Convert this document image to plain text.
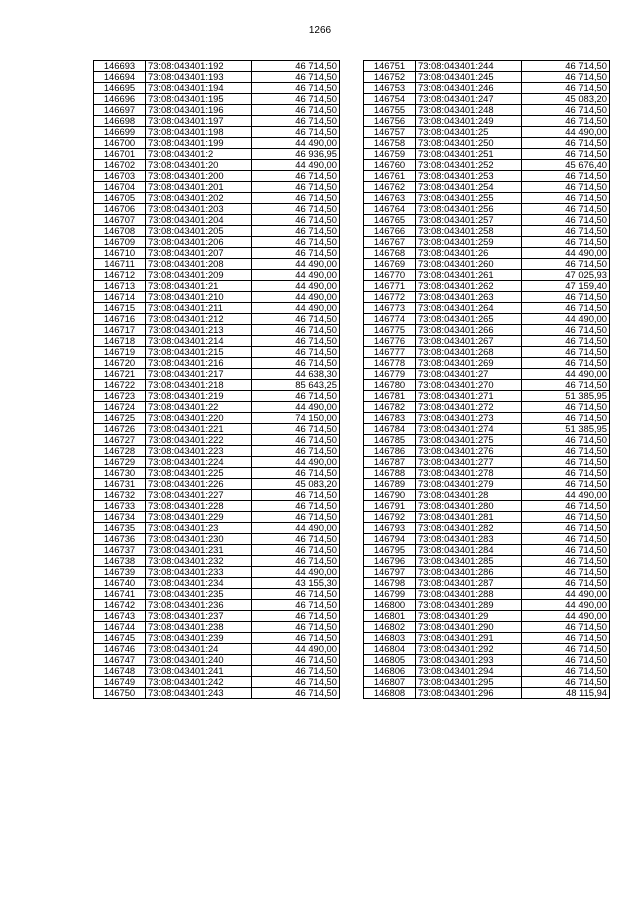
1266
146693	73:08:043401:192	46 714,50
146694	73:08:043401:193	46 714,50
146695	73:08:043401:194	46 714,50
146696	73:08:043401:195	46 714,50
146697	73:08:043401:196	46 714,50
146698	73:08:043401:197	46 714,50
146699	73:08:043401:198	46 714,50
146700	73:08:043401:199	44 490,00
146701	73:08:043401:2	46 936,95
146702	73:08:043401:20	44 490,00
146703	73:08:043401:200	46 714,50
146704	73:08:043401:201	46 714,50
146705	73:08:043401:202	46 714,50
146706	73:08:043401:203	46 714,50
146707	73:08:043401:204	46 714,50
146708	73:08:043401:205	46 714,50
146709	73:08:043401:206	46 714,50
146710	73:08:043401:207	46 714,50
146711	73:08:043401:208	44 490,00
146712	73:08:043401:209	44 490,00
146713	73:08:043401:21	44 490,00
146714	73:08:043401:210	44 490,00
146715	73:08:043401:211	44 490,00
146716	73:08:043401:212	46 714,50
146717	73:08:043401:213	46 714,50
146718	73:08:043401:214	46 714,50
146719	73:08:043401:215	46 714,50
146720	73:08:043401:216	46 714,50
146721	73:08:043401:217	44 638,30
146722	73:08:043401:218	85 643,25
146723	73:08:043401:219	46 714,50
146724	73:08:043401:22	44 490,00
146725	73:08:043401:220	74 150,00
146726	73:08:043401:221	46 714,50
146727	73:08:043401:222	46 714,50
146728	73:08:043401:223	46 714,50
146729	73:08:043401:224	44 490,00
146730	73:08:043401:225	46 714,50
146731	73:08:043401:226	45 083,20
146732	73:08:043401:227	46 714,50
146733	73:08:043401:228	46 714,50
146734	73:08:043401:229	46 714,50
146735	73:08:043401:23	44 490,00
146736	73:08:043401:230	46 714,50
146737	73:08:043401:231	46 714,50
146738	73:08:043401:232	46 714,50
146739	73:08:043401:233	44 490,00
146740	73:08:043401:234	43 155,30
146741	73:08:043401:235	46 714,50
146742	73:08:043401:236	46 714,50
146743	73:08:043401:237	46 714,50
146744	73:08:043401:238	46 714,50
146745	73:08:043401:239	46 714,50
146746	73:08:043401:24	44 490,00
146747	73:08:043401:240	46 714,50
146748	73:08:043401:241	46 714,50
146749	73:08:043401:242	46 714,50
146750	73:08:043401:243	46 714,50
146751	73:08:043401:244	46 714,50
146752	73:08:043401:245	46 714,50
146753	73:08:043401:246	46 714,50
146754	73:08:043401:247	45 083,20
146755	73:08:043401:248	46 714,50
146756	73:08:043401:249	46 714,50
146757	73:08:043401:25	44 490,00
146758	73:08:043401:250	46 714,50
146759	73:08:043401:251	46 714,50
146760	73:08:043401:252	45 676,40
146761	73:08:043401:253	46 714,50
146762	73:08:043401:254	46 714,50
146763	73:08:043401:255	46 714,50
146764	73:08:043401:256	46 714,50
146765	73:08:043401:257	46 714,50
146766	73:08:043401:258	46 714,50
146767	73:08:043401:259	46 714,50
146768	73:08:043401:26	44 490,00
146769	73:08:043401:260	46 714,50
146770	73:08:043401:261	47 025,93
146771	73:08:043401:262	47 159,40
146772	73:08:043401:263	46 714,50
146773	73:08:043401:264	46 714,50
146774	73:08:043401:265	44 490,00
146775	73:08:043401:266	46 714,50
146776	73:08:043401:267	46 714,50
146777	73:08:043401:268	46 714,50
146778	73:08:043401:269	46 714,50
146779	73:08:043401:27	44 490,00
146780	73:08:043401:270	46 714,50
146781	73:08:043401:271	51 385,95
146782	73:08:043401:272	46 714,50
146783	73:08:043401:273	46 714,50
146784	73:08:043401:274	51 385,95
146785	73:08:043401:275	46 714,50
146786	73:08:043401:276	46 714,50
146787	73:08:043401:277	46 714,50
146788	73:08:043401:278	46 714,50
146789	73:08:043401:279	46 714,50
146790	73:08:043401:28	44 490,00
146791	73:08:043401:280	46 714,50
146792	73:08:043401:281	46 714,50
146793	73:08:043401:282	46 714,50
146794	73:08:043401:283	46 714,50
146795	73:08:043401:284	46 714,50
146796	73:08:043401:285	46 714,50
146797	73:08:043401:286	46 714,50
146798	73:08:043401:287	46 714,50
146799	73:08:043401:288	44 490,00
146800	73:08:043401:289	44 490,00
146801	73:08:043401:29	44 490,00
146802	73:08:043401:290	46 714,50
146803	73:08:043401:291	46 714,50
146804	73:08:043401:292	46 714,50
146805	73:08:043401:293	46 714,50
146806	73:08:043401:294	46 714,50
146807	73:08:043401:295	46 714,50
146808	73:08:043401:296	48 115,94
